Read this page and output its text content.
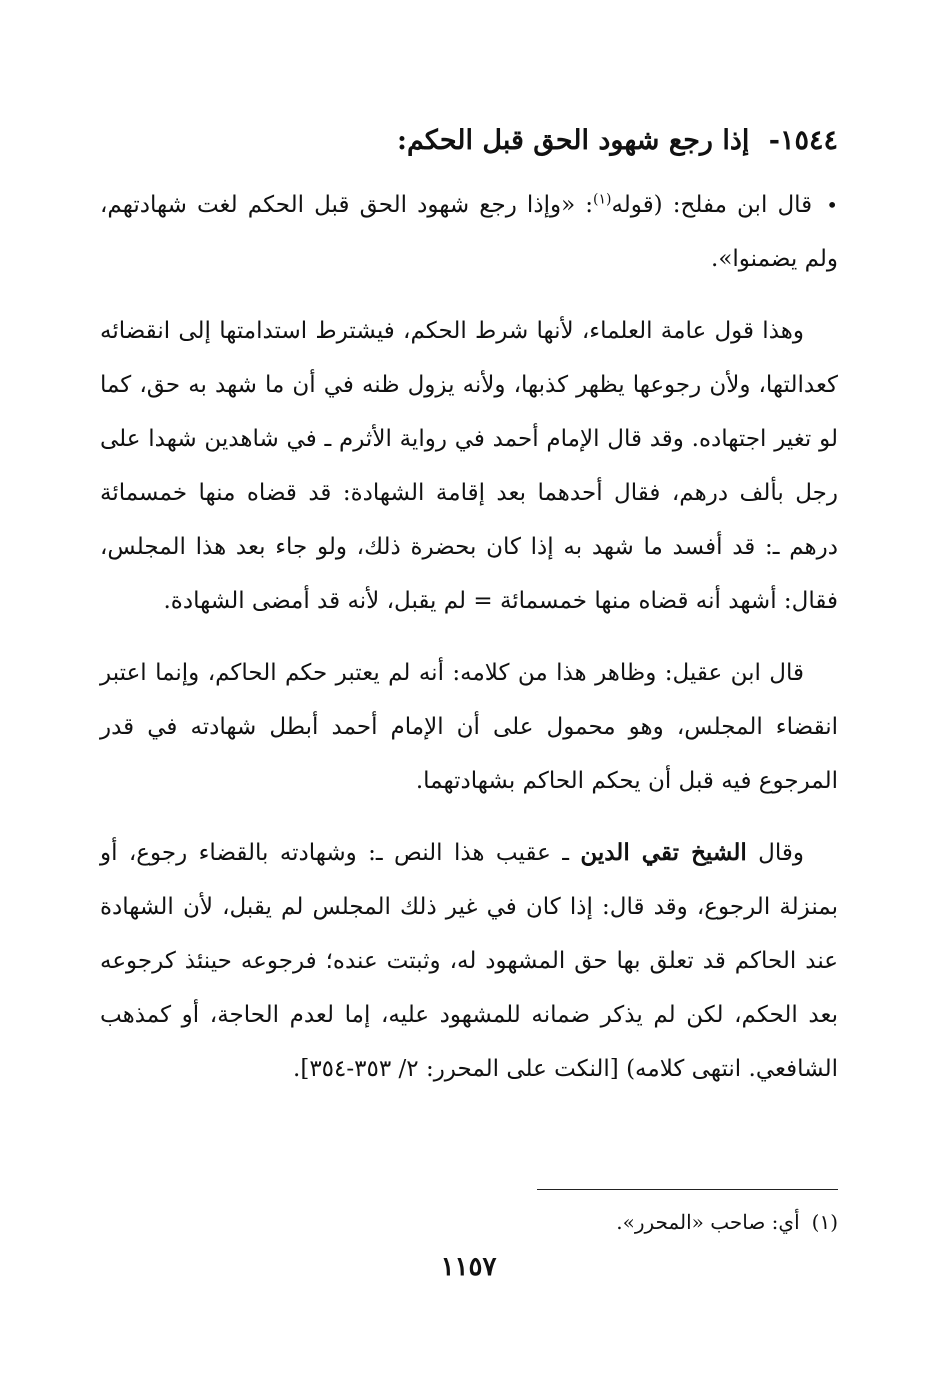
١٥٤٤- إذا رجع شهود الحق قبل الحكم:

•قال ابن مفلح: (قوله$^{(١)}$: «وإذا رجع شهود الحق قبل الحكم لغت شهادتهم، ولم يضمنوا».

وهذا قول عامة العلماء، لأنها شرط الحكم، فيشترط استدامتها إلى انقضائه كعدالتها، ولأن رجوعها يظهر كذبها، ولأنه يزول ظنه في أن ما شهد به حق، كما لو تغير اجتهاده. وقد قال الإمام أحمد في رواية الأثرم ـ في شاهدين شهدا على رجل بألف درهم، فقال أحدهما بعد إقامة الشهادة: قد قضاه منها خمسمائة درهم ـ: قد أفسد ما شهد به إذا كان بحضرة ذلك، ولو جاء بعد هذا المجلس، فقال: أشهد أنه قضاه منها خمسمائة = لم يقبل، لأنه قد أمضى الشهادة.

قال ابن عقيل: وظاهر هذا من كلامه: أنه لم يعتبر حكم الحاكم، وإنما اعتبر انقضاء المجلس، وهو محمول على أن الإمام أحمد أبطل شهادته في قدر المرجوع فيه قبل أن يحكم الحاكم بشهادتهما.

وقال الشيخ تقي الدين ـ عقيب هذا النص ـ: وشهادته بالقضاء رجوع، أو بمنزلة الرجوع، وقد قال: إذا كان في غير ذلك المجلس لم يقبل، لأن الشهادة عند الحاكم قد تعلق بها حق المشهود له، وثبتت عنده؛ فرجوعه حينئذ كرجوعه بعد الحكم، لكن لم يذكر ضمانه للمشهود عليه، إما لعدم الحاجة، أو كمذهب الشافعي. انتهى كلامه) [النكت على المحرر: ٢/ ٣٥٣-٣٥٤].

(١)أي: صاحب «المحرر».
١١٥٧
